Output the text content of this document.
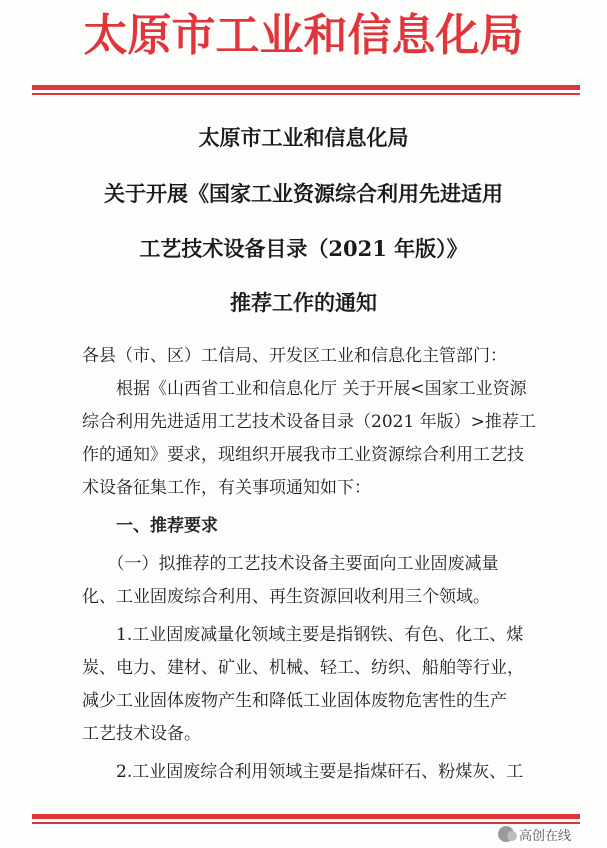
太原市工业和信息化局
太原市工业和信息化局
关于开展《国家工业资源综合利用先进适用
工艺技术设备目录（2021 年版）》
推荐工作的通知
各县（市、区）工信局、开发区工业和信息化主管部门：
　　根据《山西省工业和信息化厅 关于开展<国家工业资源
综合利用先进适用工艺技术设备目录（2021 年版）>推荐工
作的通知》要求，现组织开展我市工业资源综合利用工艺技
术设备征集工作，有关事项通知如下：
　　一、推荐要求
　　（一）拟推荐的工艺技术设备主要面向工业固废减量
化、工业固废综合利用、再生资源回收利用三个领域。
　　1.工业固废减量化领域主要是指钢铁、有色、化工、煤
炭、电力、建材、矿业、机械、轻工、纺织、船舶等行业，
减少工业固体废物产生和降低工业固体废物危害性的生产
工艺技术设备。
　　2.工业固废综合利用领域主要是指煤矸石、粉煤灰、工
高创在线
